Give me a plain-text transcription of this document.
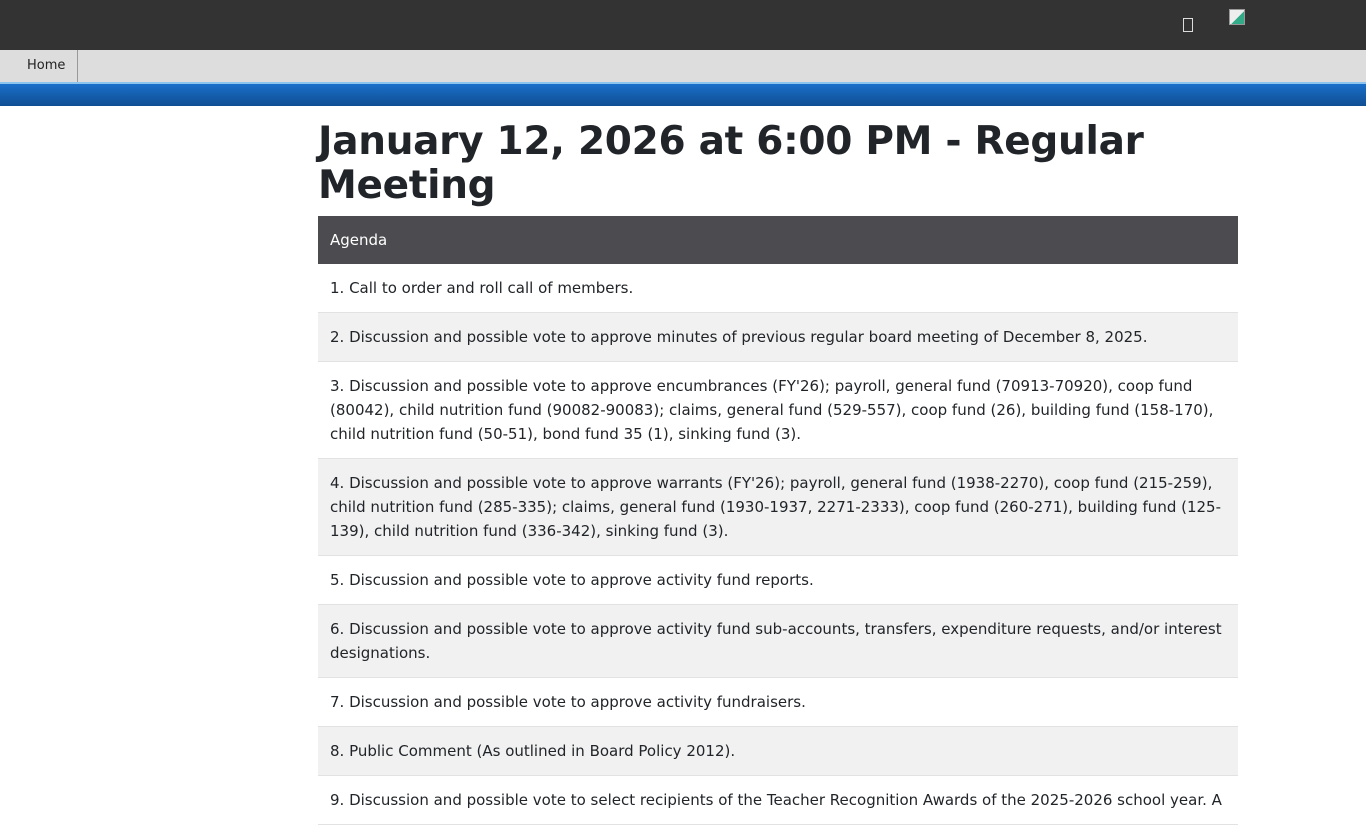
Home
January 12, 2026 at 6:00 PM - Regular Meeting
Agenda
1. Call to order and roll call of members.
2. Discussion and possible vote to approve minutes of previous regular board meeting of December 8, 2025.
3. Discussion and possible vote to approve encumbrances (FY'26); payroll, general fund (70913-70920), coop fund (80042), child nutrition fund (90082-90083); claims, general fund (529-557), coop fund (26), building fund (158-170), child nutrition fund (50-51), bond fund 35 (1), sinking fund (3).
4. Discussion and possible vote to approve warrants (FY'26); payroll, general fund (1938-2270), coop fund (215-259), child nutrition fund (285-335); claims, general fund (1930-1937, 2271-2333), coop fund (260-271), building fund (125-139), child nutrition fund (336-342), sinking fund (3).
5. Discussion and possible vote to approve activity fund reports.
6. Discussion and possible vote to approve activity fund sub-accounts, transfers, expenditure requests, and/or interest designations.
7. Discussion and possible vote to approve activity fundraisers.
8. Public Comment (As outlined in Board Policy 2012).
9. Discussion and possible vote to select recipients of the Teacher Recognition Awards of the 2025-2026 school year. A
